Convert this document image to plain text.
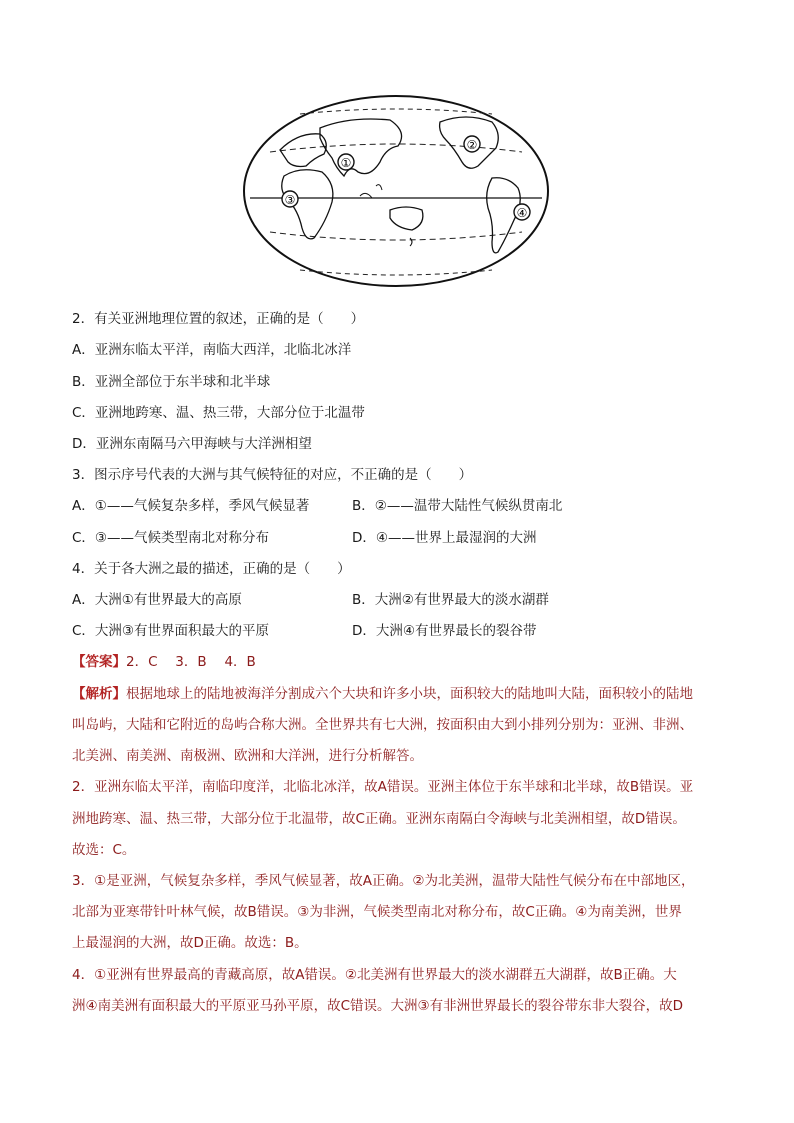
①
②
③
④
2．有关亚洲地理位置的叙述，正确的是（　　）
A．亚洲东临太平洋，南临大西洋，北临北冰洋
B．亚洲全部位于东半球和北半球
C．亚洲地跨寒、温、热三带，大部分位于北温带
D．亚洲东南隔马六甲海峡与大洋洲相望
3．图示序号代表的大洲与其气候特征的对应，不正确的是（　　）
A．①——气候复杂多样，季风气候显著	B．②——温带大陆性气候纵贯南北
C．③——气候类型南北对称分布	D．④——世界上最湿润的大洲
4．关于各大洲之最的描述，正确的是（　　）
A．大洲①有世界最大的高原	B．大洲②有世界最大的淡水湖群
C．大洲③有世界面积最大的平原	D．大洲④有世界最长的裂谷带
【答案】2．C　 3．B　 4．B
【解析】根据地球上的陆地被海洋分割成六个大块和许多小块，面积较大的陆地叫大陆，面积较小的陆地
叫岛屿，大陆和它附近的岛屿合称大洲。全世界共有七大洲，按面积由大到小排列分别为：亚洲、非洲、
北美洲、南美洲、南极洲、欧洲和大洋洲，进行分析解答。
2．亚洲东临太平洋，南临印度洋，北临北冰洋，故A错误。亚洲主体位于东半球和北半球，故B错误。亚
洲地跨寒、温、热三带，大部分位于北温带，故C正确。亚洲东南隔白令海峡与北美洲相望，故D错误。
故选：C。
3．①是亚洲，气候复杂多样，季风气候显著，故A正确。②为北美洲，温带大陆性气候分布在中部地区，
北部为亚寒带针叶林气候，故B错误。③为非洲，气候类型南北对称分布，故C正确。④为南美洲，世界
上最湿润的大洲，故D正确。故选：B。
4．①亚洲有世界最高的青藏高原，故A错误。②北美洲有世界最大的淡水湖群五大湖群，故B正确。大
洲④南美洲有面积最大的平原亚马孙平原，故C错误。大洲③有非洲世界最长的裂谷带东非大裂谷，故D
